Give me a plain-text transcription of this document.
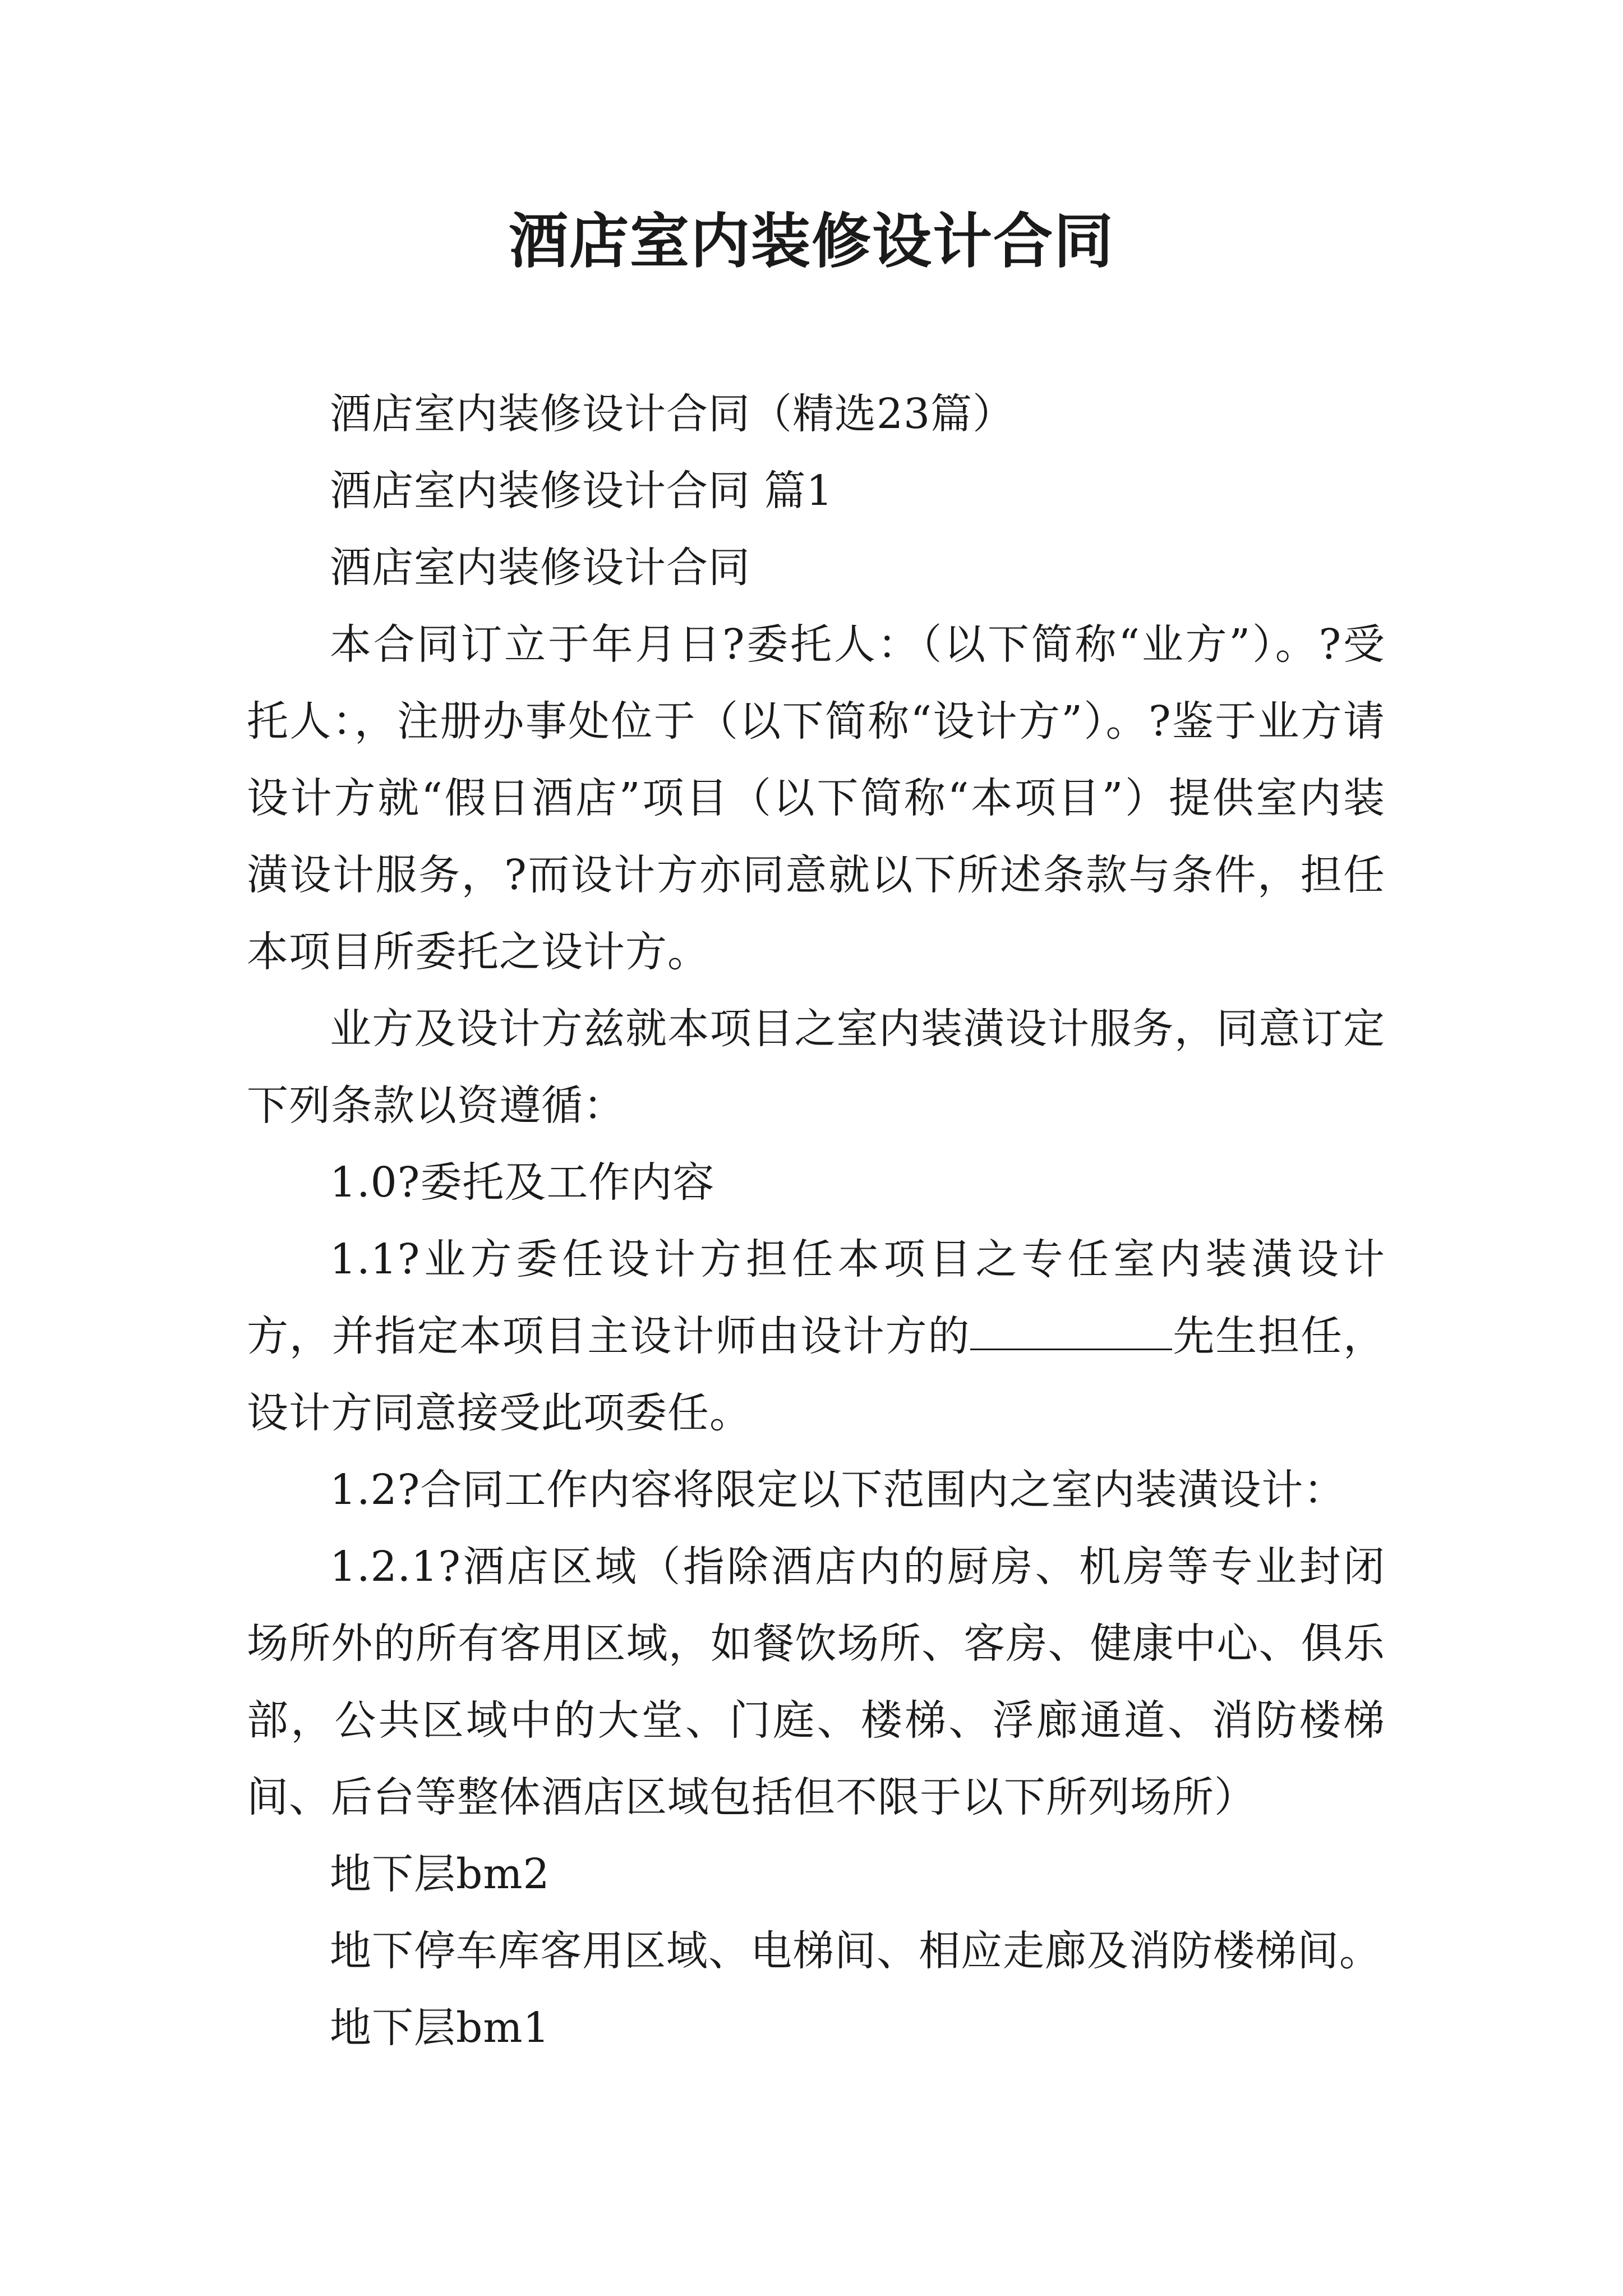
酒店室内装修设计合同

酒店室内装修设计合同（精选23篇）

酒店室内装修设计合同 篇1

酒店室内装修设计合同

本合同订立于年月日?委托人：（以下简称“业方”）。?受托人：，注册办事处位于（以下简称“设计方”）。?鉴于业方请设计方就“假日酒店”项目（以下简称“本项目”）提供室内装潢设计服务，?而设计方亦同意就以下所述条款与条件，担任本项目所委托之设计方。

业方及设计方兹就本项目之室内装潢设计服务，同意订定下列条款以资遵循：

1.0?委托及工作内容

1.1?业方委任设计方担任本项目之专任室内装潢设计方，并指定本项目主设计师由设计方的	先生担任，设计方同意接受此项委任。

1.2?合同工作内容将限定以下范围内之室内装潢设计：

1.2.1?酒店区域（指除酒店内的厨房、机房等专业封闭场所外的所有客用区域，如餐饮场所、客房、健康中心、俱乐部，公共区域中的大堂、门庭、楼梯、浮廊通道、消防楼梯间、后台等整体酒店区域包括但不限于以下所列场所）

地下层bm2

地下停车库客用区域、电梯间、相应走廊及消防楼梯间。

地下层bm1
